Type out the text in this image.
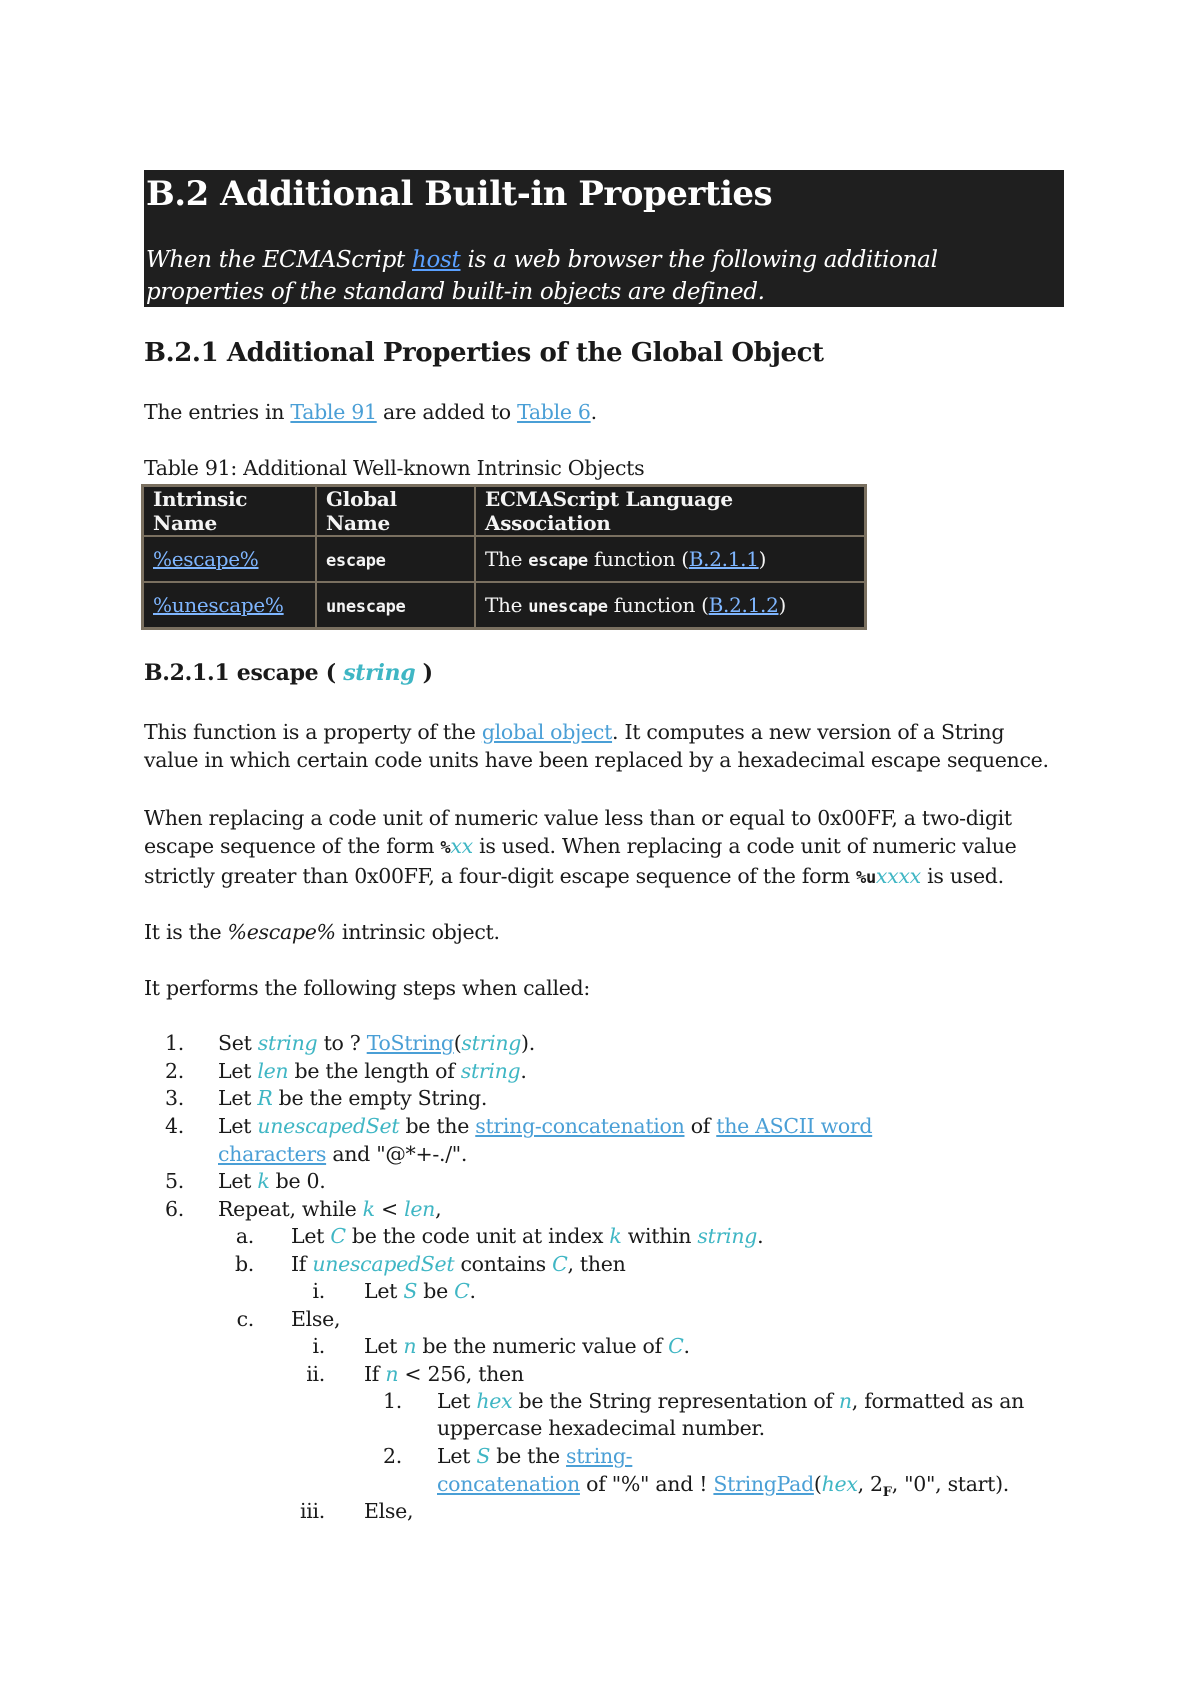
B.2 Additional Built-in Properties
When the ECMAScript host is a web browser the following additional properties of the standard built-in objects are defined.
B.2.1 Additional Properties of the Global Object
The entries in Table 91 are added to Table 6.
Table 91: Additional Well-known Intrinsic Objects
Intrinsic Name	Global Name	ECMAScript Language Association
%escape%	escape	The escape function (B.2.1.1)
%unescape%	unescape	The unescape function (B.2.1.2)
B.2.1.1 escape ( string )
This function is a property of the global object. It computes a new version of a String value in which certain code units have been replaced by a hexadecimal escape sequence.
When replacing a code unit of numeric value less than or equal to 0x00FF, a two-digit escape sequence of the form %xx is used. When replacing a code unit of numeric value strictly greater than 0x00FF, a four-digit escape sequence of the form %uxxxx is used.
It is the %escape% intrinsic object.
It performs the following steps when called:
1. Set string to ? ToString(string).
2. Let len be the length of string.
3. Let R be the empty String.
4. Let unescapedSet be the string-concatenation of the ASCII word
characters and "@*+-./".
5. Let k be 0.
6. Repeat, while k < len,
a. Let C be the code unit at index k within string.
b. If unescapedSet contains C, then
i. Let S be C.
c. Else,
i. Let n be the numeric value of C.
ii. If n < 256, then
1. Let hex be the String representation of n, formatted as an
uppercase hexadecimal number.
2. Let S be the string-
concatenation of "%" and ! StringPad(hex, $2_F$, "0", start).
iii. Else,
